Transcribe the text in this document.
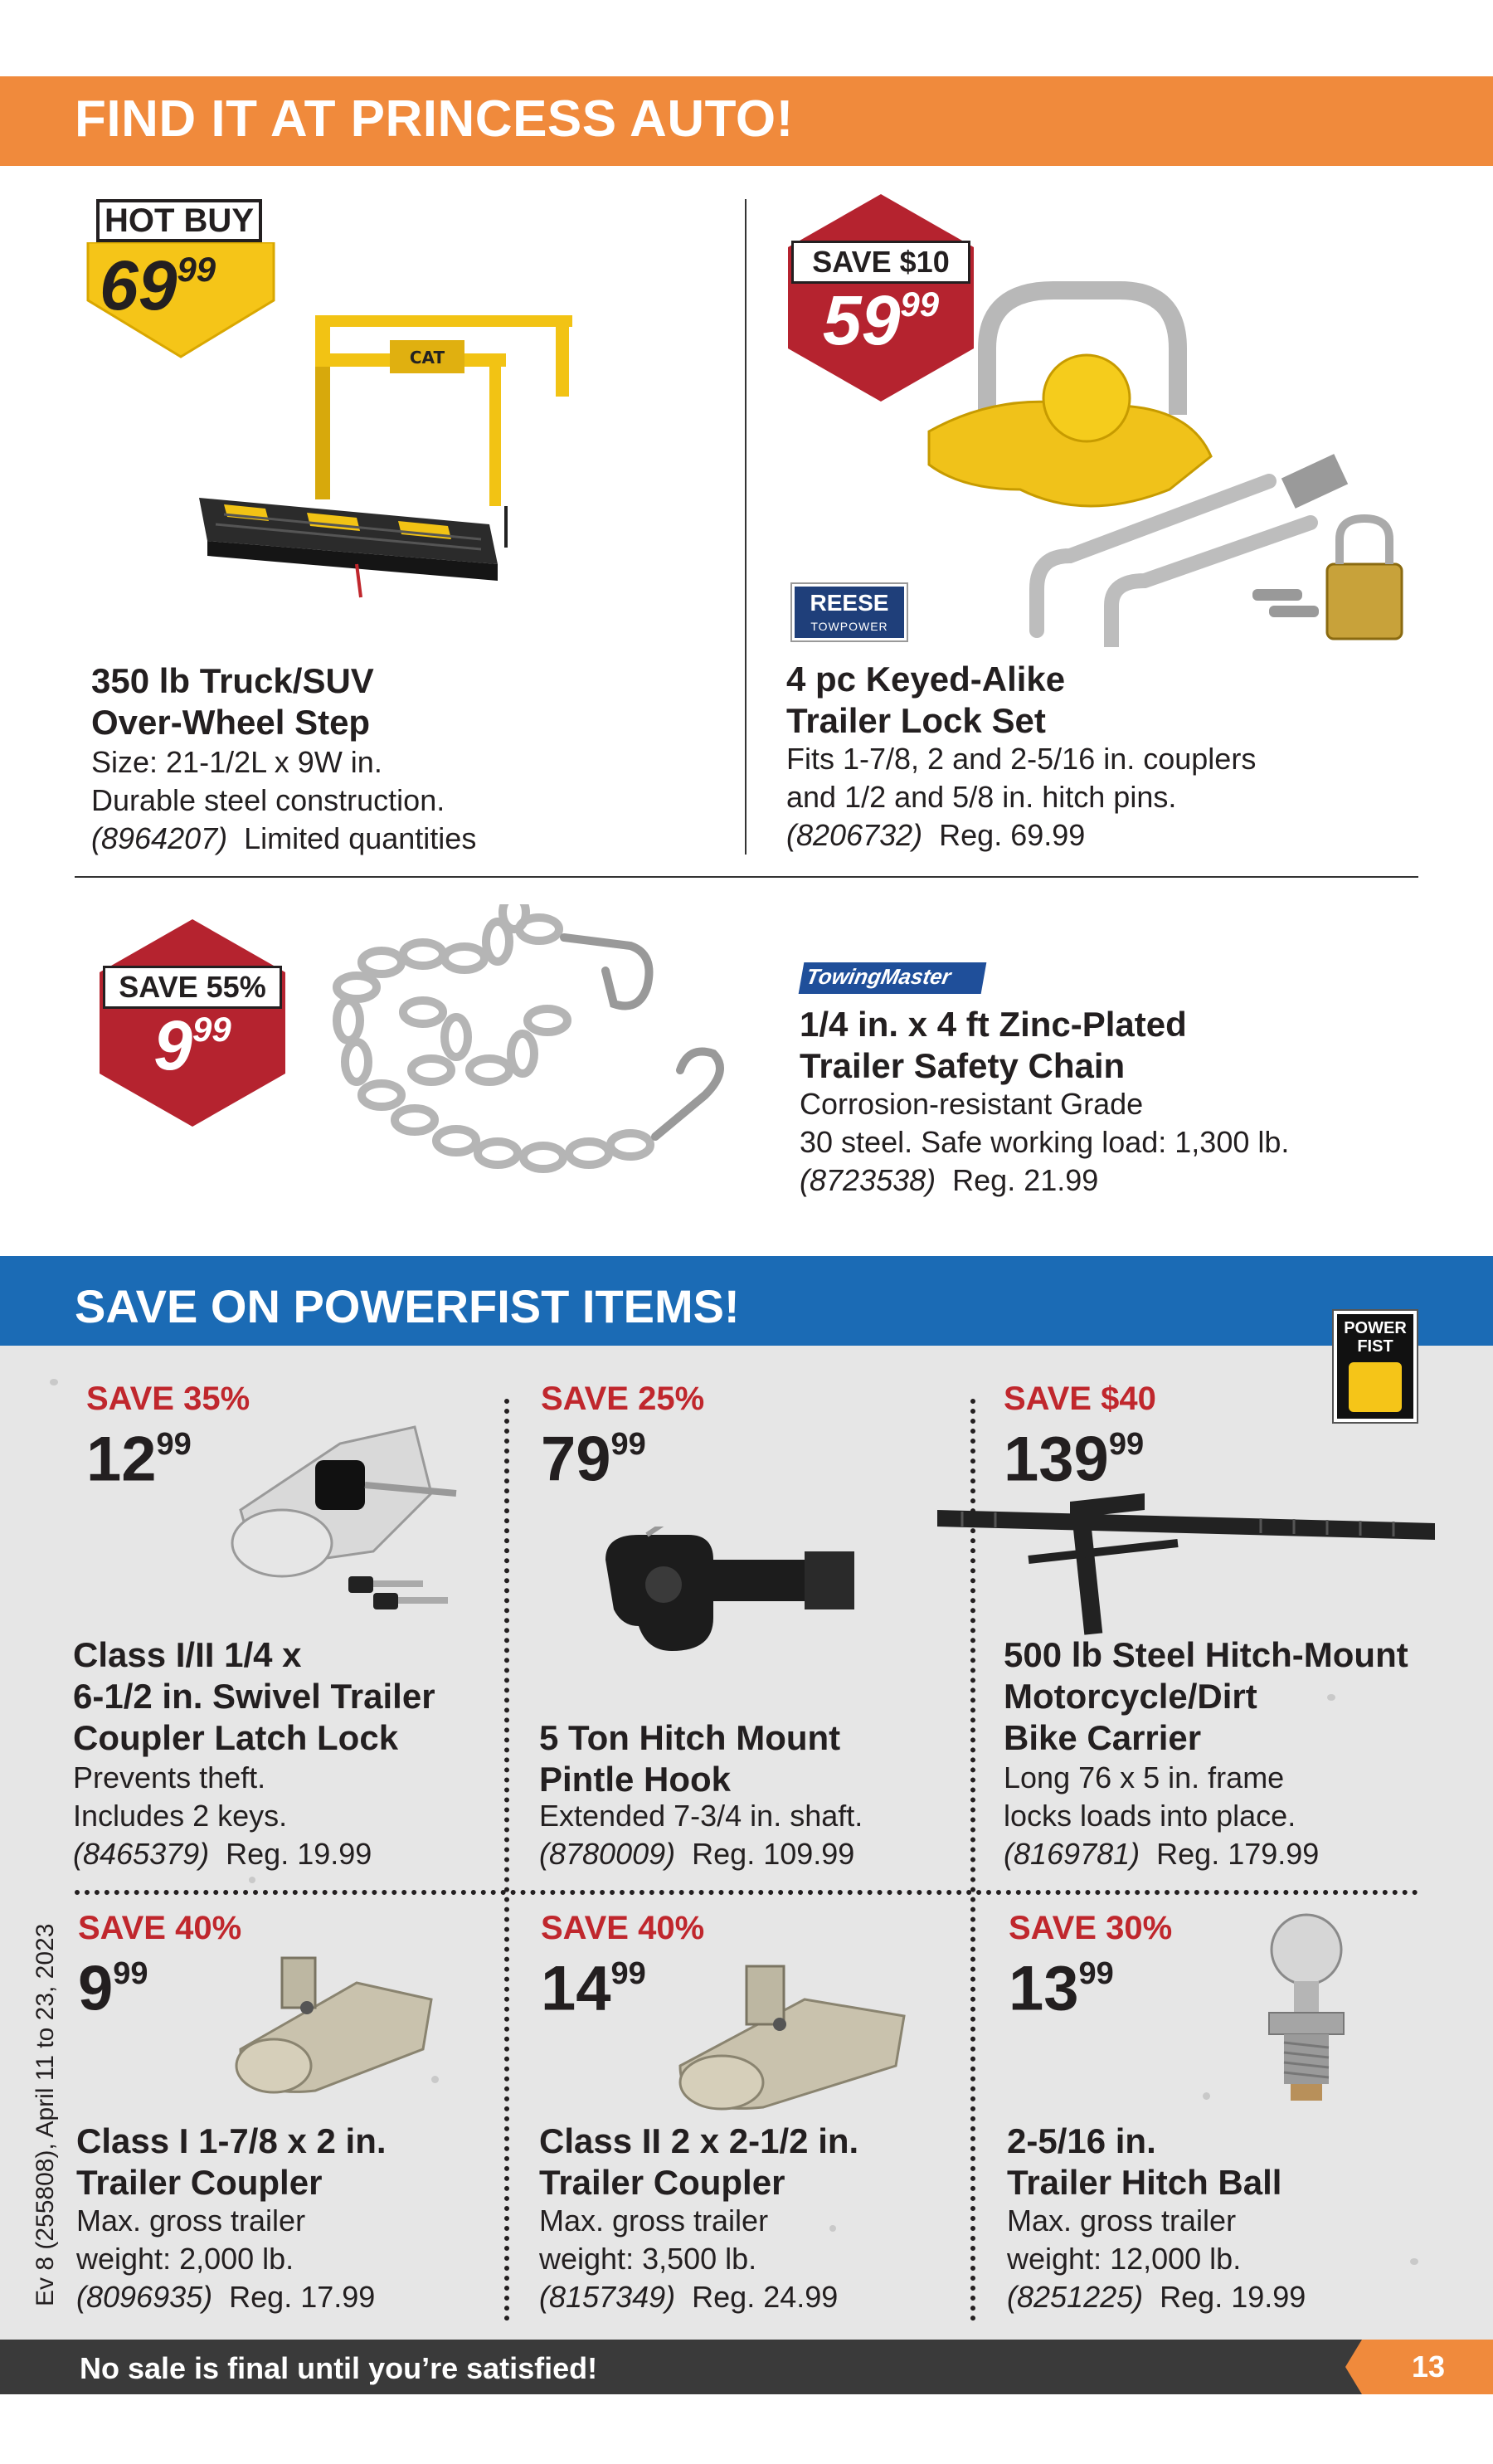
FIND IT AT PRINCESS AUTO!
HOT BUY
$69^{99}$
CAT
350 lb Truck/SUV
Over-Wheel Step
Size: 21-1/2L x 9W in.
Durable steel construction.
(8964207) Limited quantities
SAVE $10
$59^{99}$
REESE
TOWPOWER
4 pc Keyed-Alike
Trailer Lock Set
Fits 1-7/8, 2 and 2-5/16 in. couplers
and 1/2 and 5/8 in. hitch pins.
(8206732) Reg. 69.99
SAVE 55%
$9^{99}$
TowingMaster
1/4 in. x 4 ft Zinc-Plated
Trailer Safety Chain
Corrosion-resistant Grade
30 steel. Safe working load: 1,300 lb.
(8723538) Reg. 21.99
SAVE ON POWERFIST ITEMS!	POWER
FIST
SAVE 35%
$12^{99}$
Class I/II 1/4 x
6-1/2 in. Swivel Trailer
Coupler Latch Lock
Prevents theft.
Includes 2 keys.
(8465379) Reg. 19.99
SAVE 25%
$79^{99}$
5 Ton Hitch Mount
Pintle Hook
Extended 7-3/4 in. shaft.
(8780009) Reg. 109.99
SAVE $40
$139^{99}$
500 lb Steel Hitch-Mount
Motorcycle/Dirt
Bike Carrier
Long 76 x 5 in. frame
locks loads into place.
(8169781) Reg. 179.99
SAVE 40%
$9^{99}$
Class I 1-7/8 x 2 in.
Trailer Coupler
Max. gross trailer
weight: 2,000 lb.
(8096935) Reg. 17.99
SAVE 40%
$14^{99}$
Class II 2 x 2-1/2 in.
Trailer Coupler
Max. gross trailer
weight: 3,500 lb.
(8157349) Reg. 24.99
SAVE 30%
$13^{99}$
2-5/16 in.
Trailer Hitch Ball
Max. gross trailer
weight: 12,000 lb.
(8251225) Reg. 19.99
Ev 8 (255808), April 11 to 23, 2023
No sale is final until you’re satisfied!	13
